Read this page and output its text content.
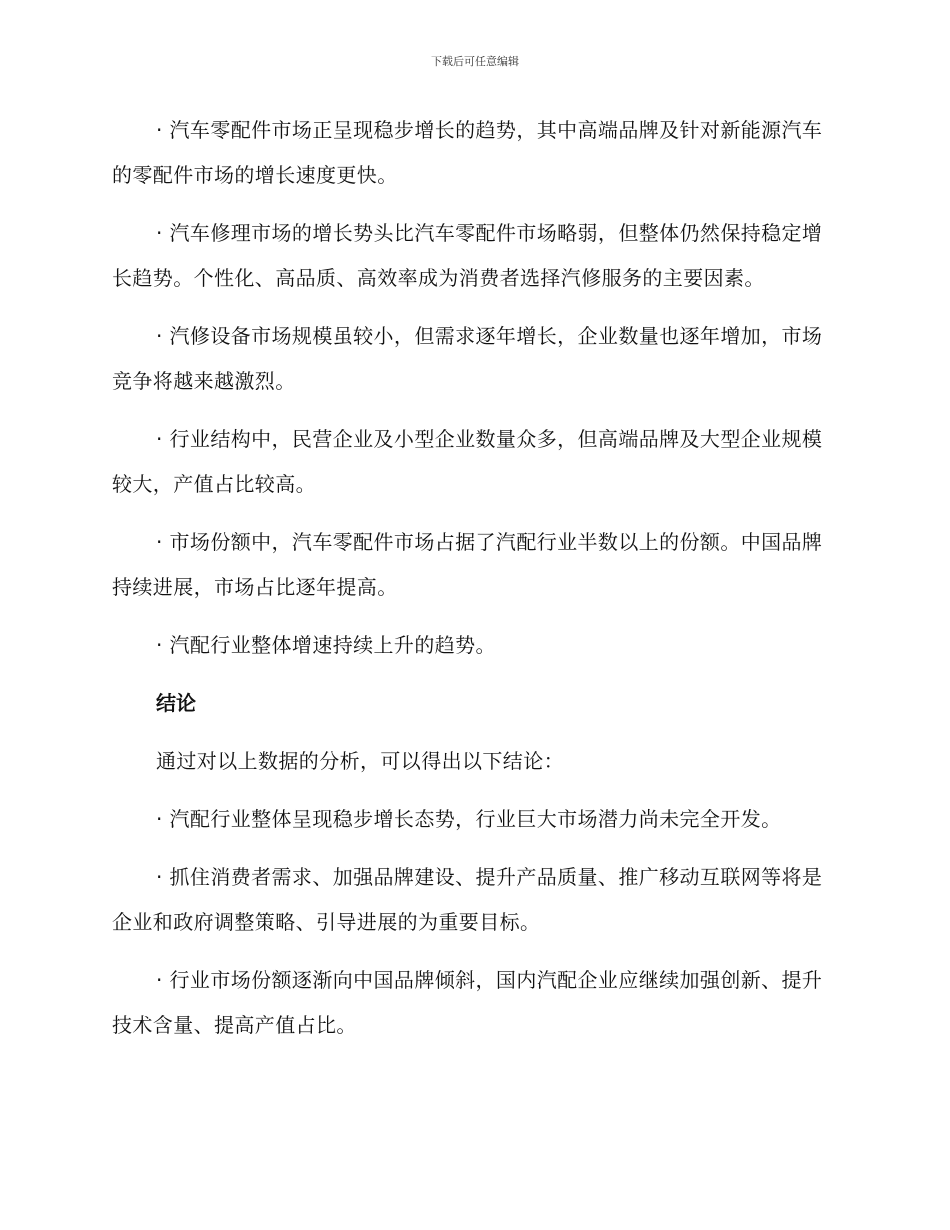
下载后可任意编辑

· 汽车零配件市场正呈现稳步增长的趋势，其中高端品牌及针对新能源汽车的零配件市场的增长速度更快。

· 汽车修理市场的增长势头比汽车零配件市场略弱，但整体仍然保持稳定增长趋势。个性化、高品质、高效率成为消费者选择汽修服务的主要因素。

· 汽修设备市场规模虽较小，但需求逐年增长，企业数量也逐年增加，市场竞争将越来越激烈。

· 行业结构中，民营企业及小型企业数量众多，但高端品牌及大型企业规模较大，产值占比较高。

· 市场份额中，汽车零配件市场占据了汽配行业半数以上的份额。中国品牌持续进展，市场占比逐年提高。

· 汽配行业整体增速持续上升的趋势。

结论

通过对以上数据的分析，可以得出以下结论：

· 汽配行业整体呈现稳步增长态势，行业巨大市场潜力尚未完全开发。

· 抓住消费者需求、加强品牌建设、提升产品质量、推广移动互联网等将是企业和政府调整策略、引导进展的为重要目标。

· 行业市场份额逐渐向中国品牌倾斜，国内汽配企业应继续加强创新、提升技术含量、提高产值占比。
